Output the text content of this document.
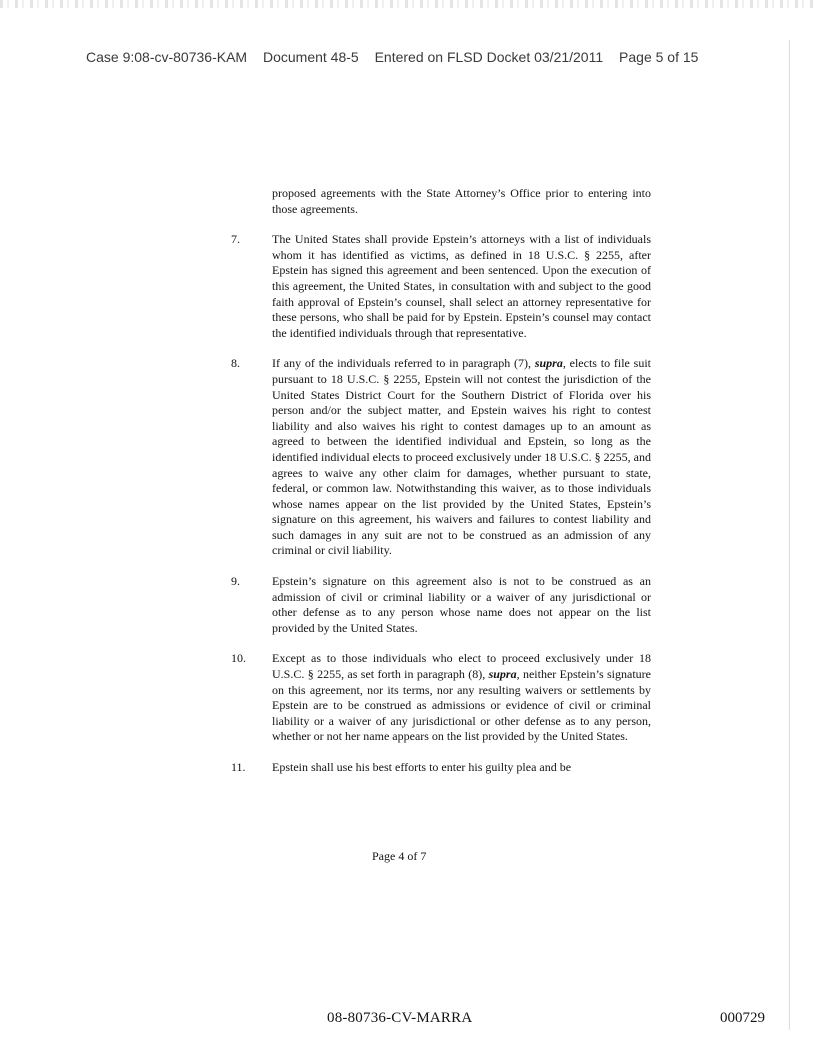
Case 9:08-cv-80736-KAM Document 48-5 Entered on FLSD Docket 03/21/2011 Page 5 of 15
proposed agreements with the State Attorney’s Office prior to entering into those agreements.
7.	The United States shall provide Epstein’s attorneys with a list of individuals whom it has identified as victims, as defined in 18 U.S.C. § 2255, after Epstein has signed this agreement and been sentenced. Upon the execution of this agreement, the United States, in consultation with and subject to the good faith approval of Epstein’s counsel, shall select an attorney representative for these persons, who shall be paid for by Epstein. Epstein’s counsel may contact the identified individuals through that representative.
8.	If any of the individuals referred to in paragraph (7), supra, elects to file suit pursuant to 18 U.S.C. § 2255, Epstein will not contest the jurisdiction of the United States District Court for the Southern District of Florida over his person and/or the subject matter, and Epstein waives his right to contest liability and also waives his right to contest damages up to an amount as agreed to between the identified individual and Epstein, so long as the identified individual elects to proceed exclusively under 18 U.S.C. § 2255, and agrees to waive any other claim for damages, whether pursuant to state, federal, or common law. Notwithstanding this waiver, as to those individuals whose names appear on the list provided by the United States, Epstein’s signature on this agreement, his waivers and failures to contest liability and such damages in any suit are not to be construed as an admission of any criminal or civil liability.
9.	Epstein’s signature on this agreement also is not to be construed as an admission of civil or criminal liability or a waiver of any jurisdictional or other defense as to any person whose name does not appear on the list provided by the United States.
10.	Except as to those individuals who elect to proceed exclusively under 18 U.S.C. § 2255, as set forth in paragraph (8), supra, neither Epstein’s signature on this agreement, nor its terms, nor any resulting waivers or settlements by Epstein are to be construed as admissions or evidence of civil or criminal liability or a waiver of any jurisdictional or other defense as to any person, whether or not her name appears on the list provided by the United States.
11.	Epstein shall use his best efforts to enter his guilty plea and be
Page 4 of 7
08-80736-CV-MARRA	000729
